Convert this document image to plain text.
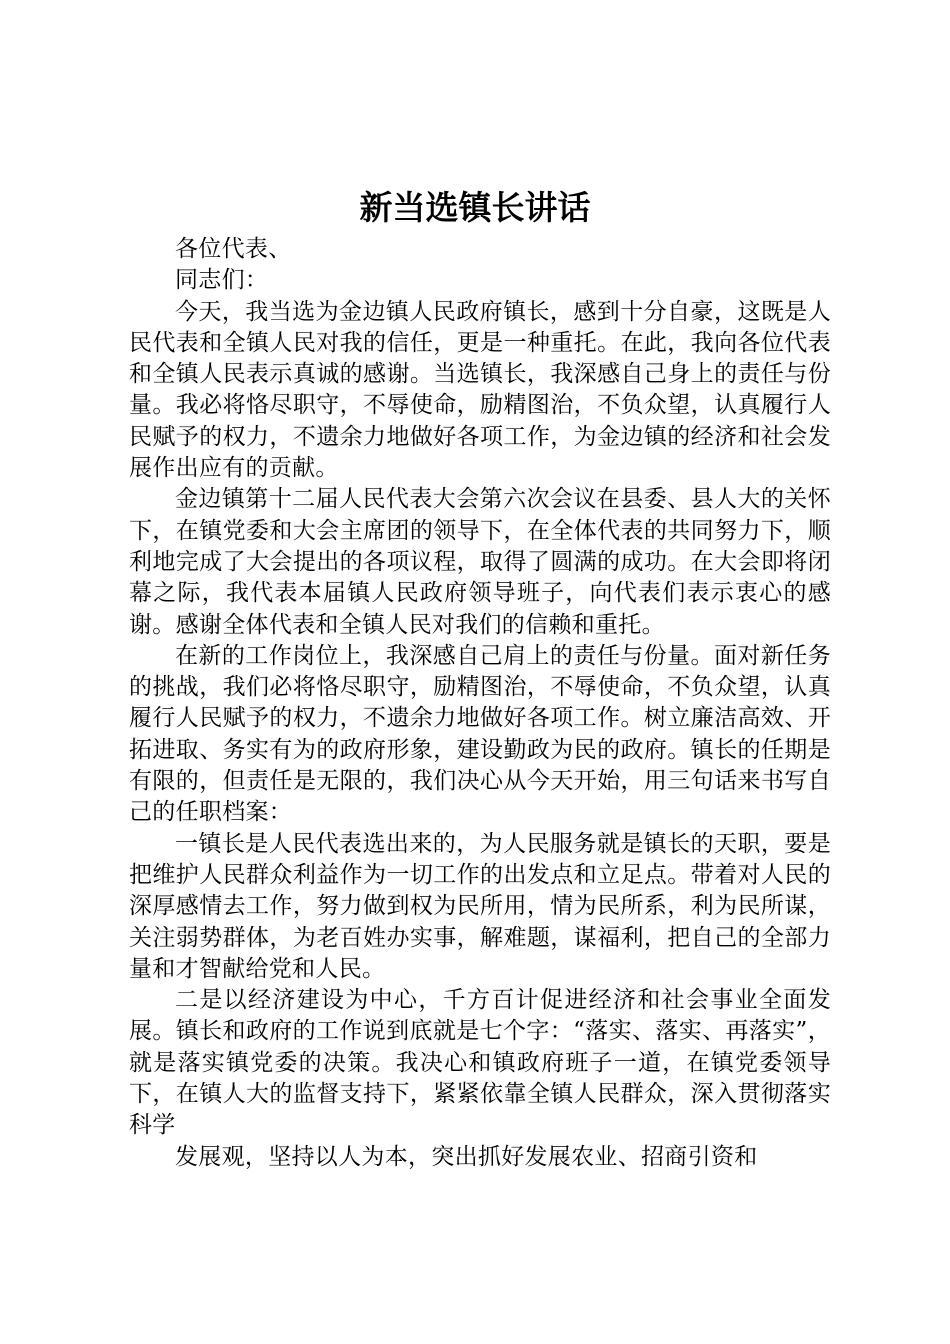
新当选镇长讲话

各位代表、

同志们：

今天，我当选为金边镇人民政府镇长，感到十分自豪，这既是人民代表和全镇人民对我的信任，更是一种重托。在此，我向各位代表和全镇人民表示真诚的感谢。当选镇长，我深感自己身上的责任与份量。我必将恪尽职守，不辱使命，励精图治，不负众望，认真履行人民赋予的权力，不遗余力地做好各项工作，为金边镇的经济和社会发展作出应有的贡献。

金边镇第十二届人民代表大会第六次会议在县委、县人大的关怀下，在镇党委和大会主席团的领导下，在全体代表的共同努力下，顺利地完成了大会提出的各项议程，取得了圆满的成功。在大会即将闭幕之际，我代表本届镇人民政府领导班子，向代表们表示衷心的感谢。感谢全体代表和全镇人民对我们的信赖和重托。

在新的工作岗位上，我深感自己肩上的责任与份量。面对新任务的挑战，我们必将恪尽职守，励精图治，不辱使命，不负众望，认真履行人民赋予的权力，不遗余力地做好各项工作。树立廉洁高效、开拓进取、务实有为的政府形象，建设勤政为民的政府。镇长的任期是有限的，但责任是无限的，我们决心从今天开始，用三句话来书写自己的任职档案：

一镇长是人民代表选出来的，为人民服务就是镇长的天职，要是把维护人民群众利益作为一切工作的出发点和立足点。带着对人民的深厚感情去工作，努力做到权为民所用，情为民所系，利为民所谋，关注弱势群体，为老百姓办实事，解难题，谋福利，把自己的全部力量和才智献给党和人民。

二是以经济建设为中心，千方百计促进经济和社会事业全面发展。镇长和政府的工作说到底就是七个字：“落实、落实、再落实”，就是落实镇党委的决策。我决心和镇政府班子一道，在镇党委领导下，在镇人大的监督支持下，紧紧依靠全镇人民群众，深入贯彻落实科学

发展观，坚持以人为本，突出抓好发展农业、招商引资和
